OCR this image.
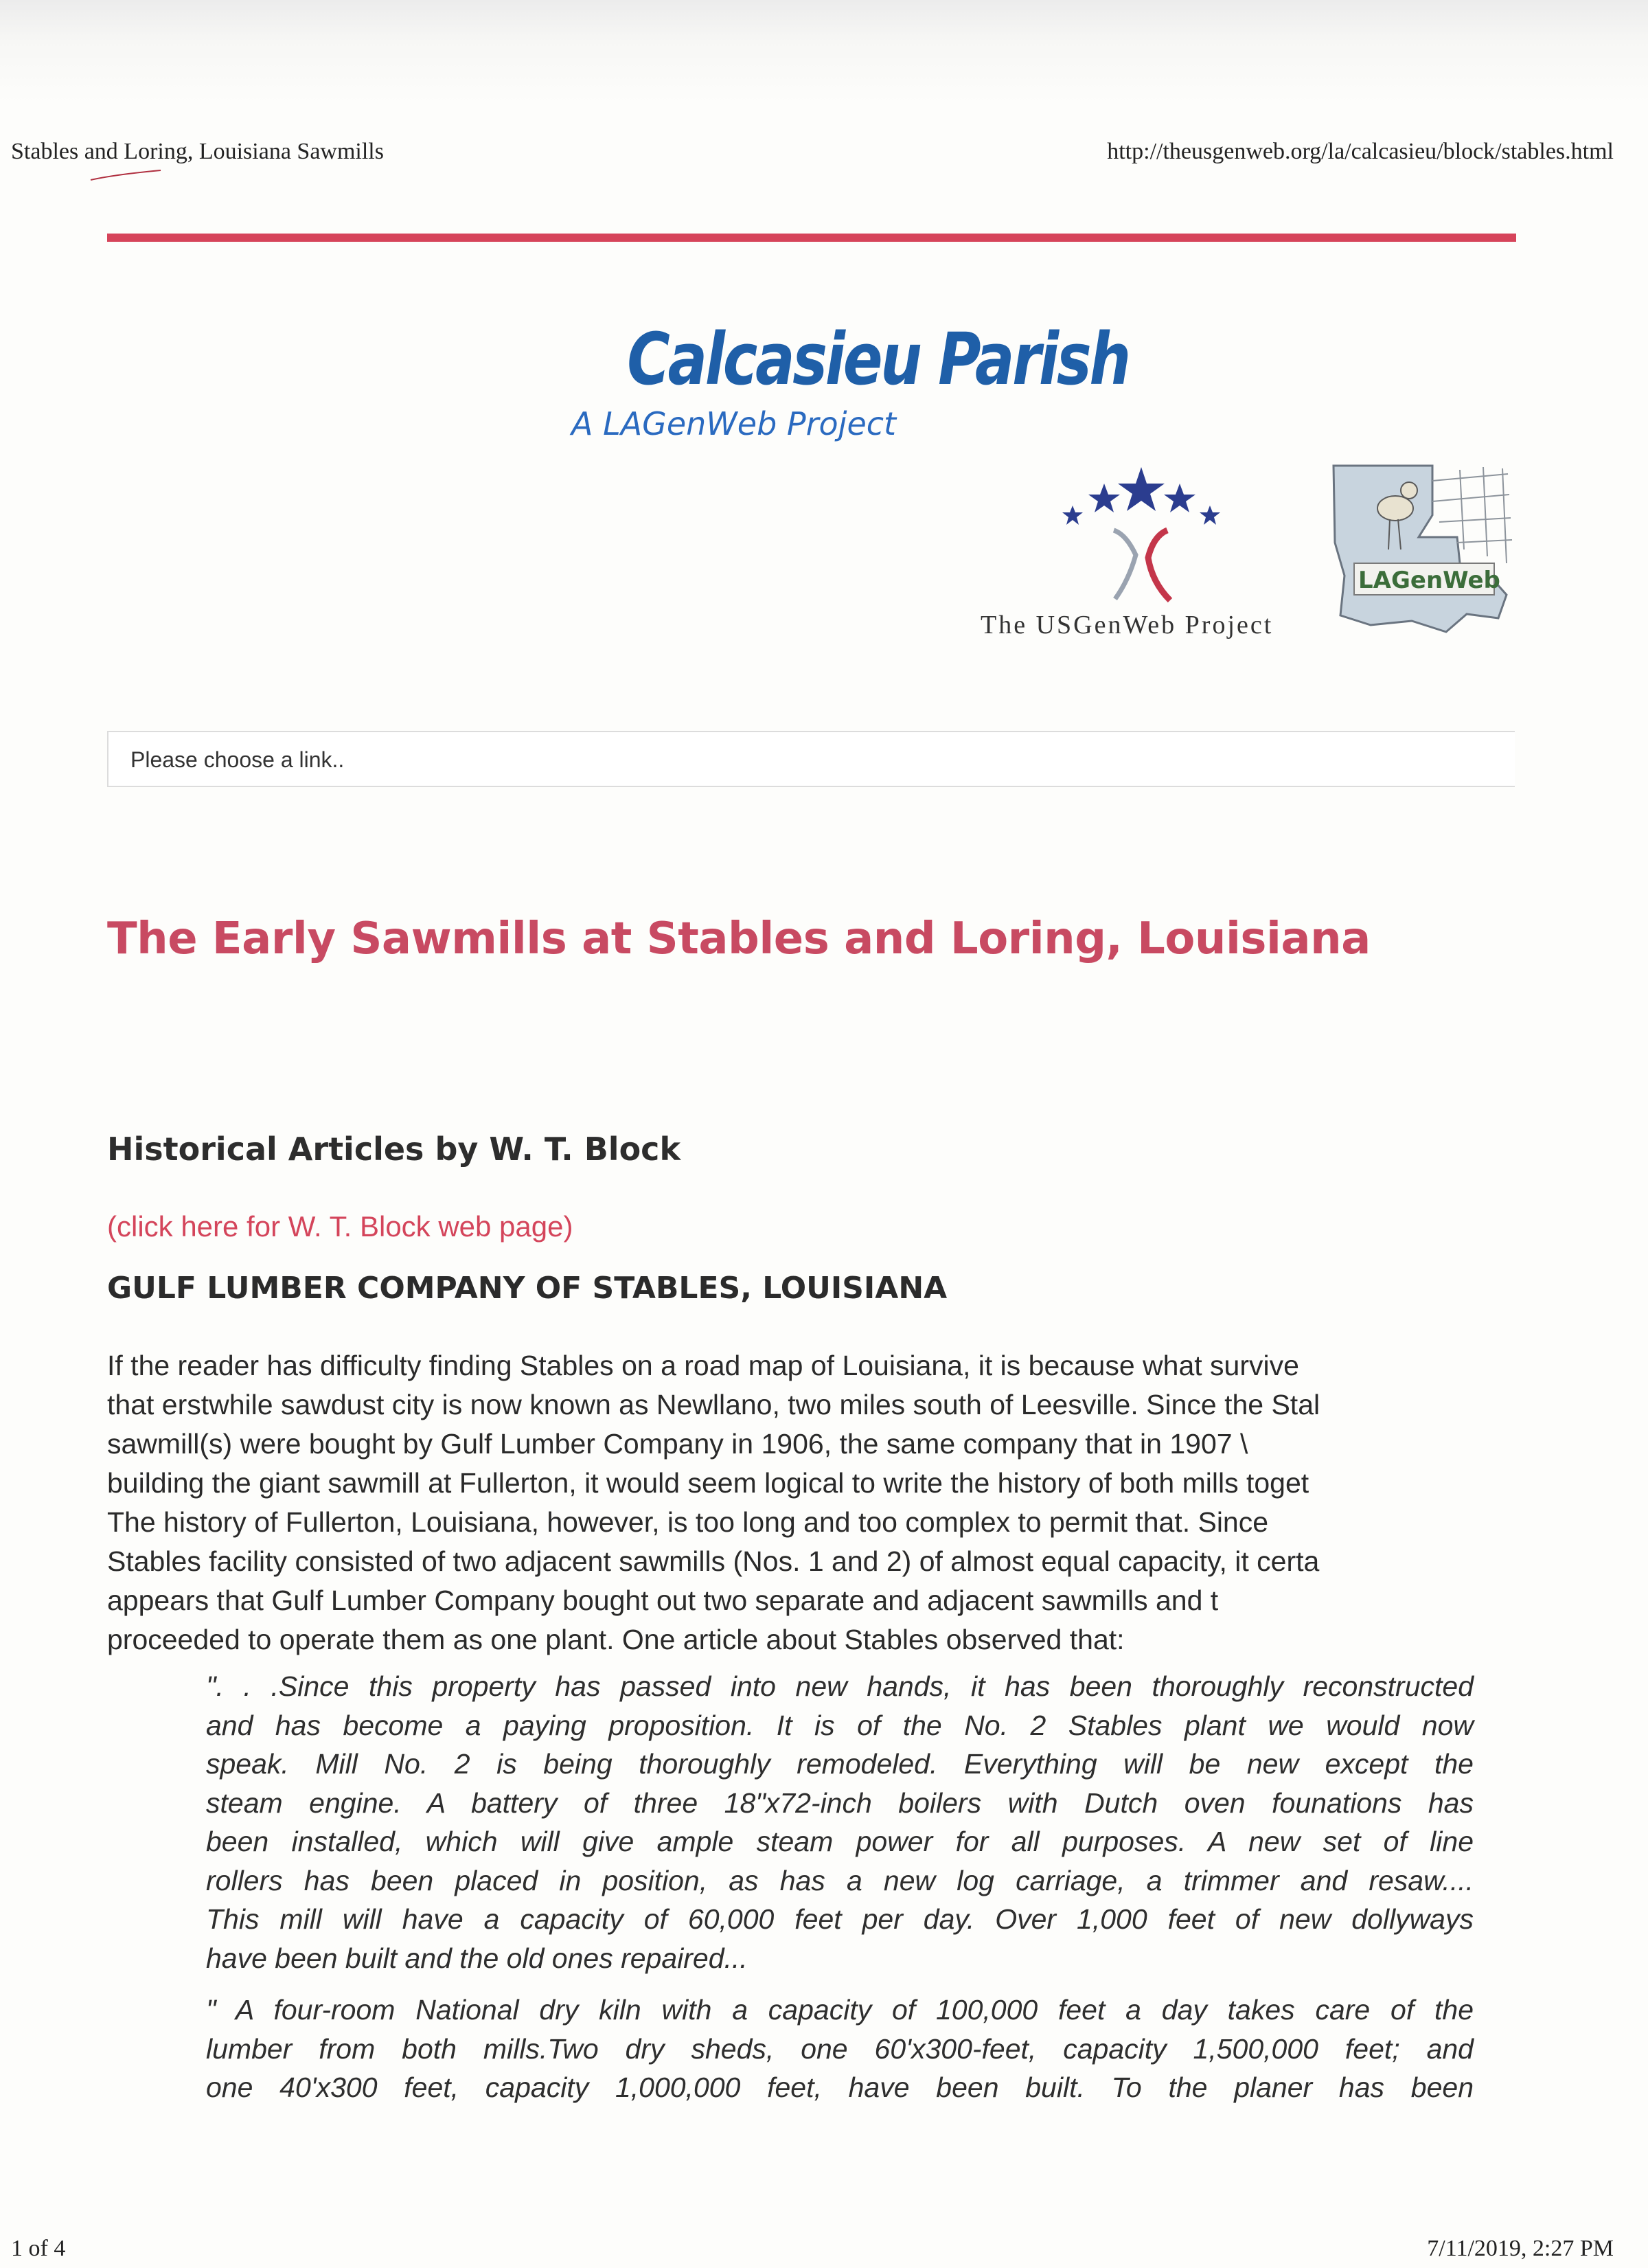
Stables and Loring, Louisiana Sawmills	http://theusgenweb.org/la/calcasieu/block/stables.html
Calcasieu Parish
A LAGenWeb Project
The USGenWeb Project
LAGenWeb
Please choose a link..
The Early Sawmills at Stables and Loring, Louisiana
Historical Articles by W. T. Block
(click here for W. T. Block web page)
GULF LUMBER COMPANY OF STABLES, LOUISIANA
If the reader has difficulty finding Stables on a road map of Louisiana, it is because what survive
that erstwhile sawdust city is now known as Newllano, two miles south of Leesville. Since the Stal
sawmill(s) were bought by Gulf Lumber Company in 1906, the same company that in 1907 \
building the giant sawmill at Fullerton, it would seem logical to write the history of both mills toget
The history of Fullerton, Louisiana, however, is too long and too complex to permit that. Since
Stables facility consisted of two adjacent sawmills (Nos. 1 and 2) of almost equal capacity, it certa
appears that Gulf Lumber Company bought out two separate and adjacent sawmills and t
proceeded to operate them as one plant. One article about Stables observed that:
". . .Since this property has passed into new hands, it has been thoroughly reconstructed
and has become a paying proposition. It is of the No. 2 Stables plant we would now
speak. Mill No. 2 is being thoroughly remodeled. Everything will be new except the
steam engine. A battery of three 18"x72-inch boilers with Dutch oven founations has
been installed, which will give ample steam power for all purposes. A new set of line
rollers has been placed in position, as has a new log carriage, a trimmer and resaw....
This mill will have a capacity of 60,000 feet per day. Over 1,000 feet of new dollyways
have been built and the old ones repaired...
" A four-room National dry kiln with a capacity of 100,000 feet a day takes care of the
lumber from both mills.Two dry sheds, one 60'x300-feet, capacity 1,500,000 feet; and
one 40'x300 feet, capacity 1,000,000 feet, have been built. To the planer has been
1 of 4	7/11/2019, 2:27 PM
